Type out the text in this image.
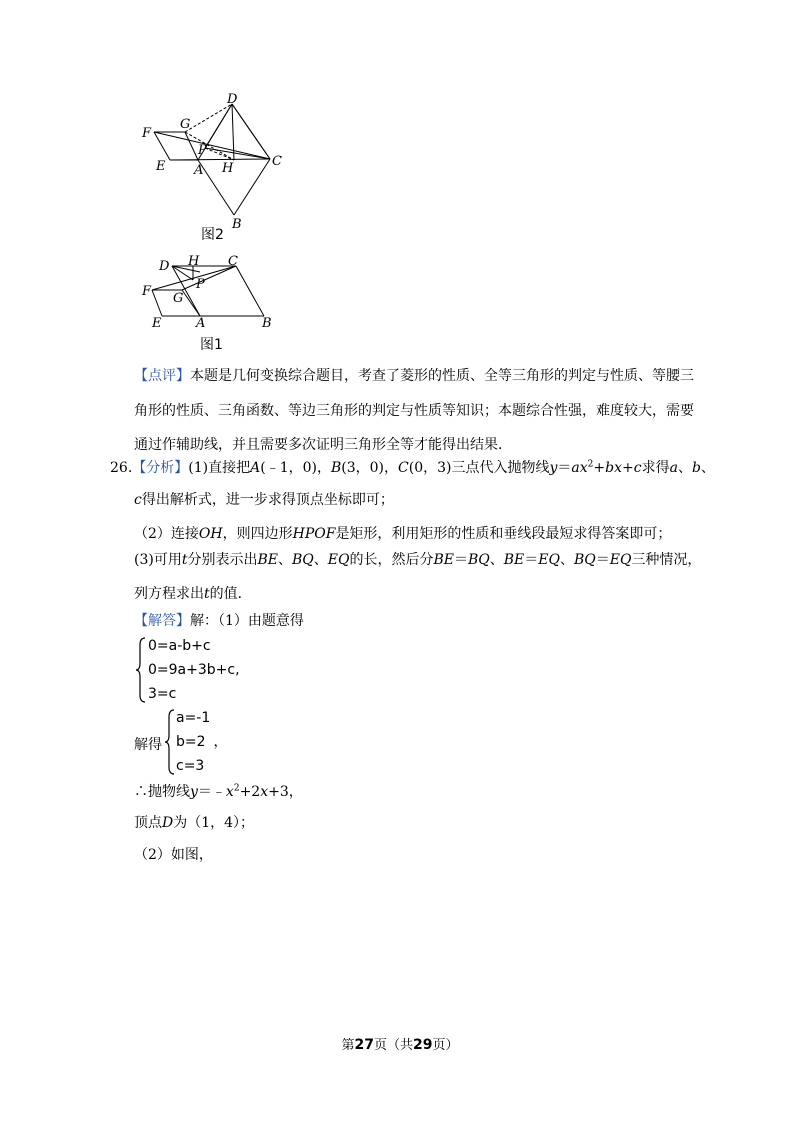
D
G
F
P
E A H	C
B
图2
D H C
F	P
G
E	A	B
图1
【点评】本题是几何变换综合题目，考查了菱形的性质、全等三角形的判定与性质、等腰三
角形的性质、三角函数、等边三角形的判定与性质等知识；本题综合性强，难度较大，需要
通过作辅助线，并且需要多次证明三角形全等才能得出结果．
26.【分析】(1)直接把A(﹣1，0)，B(3，0)，C(0，3)三点代入抛物线$y=ax^2+bx+c$求得a、b、
c得出解析式，进一步求得顶点坐标即可；
（2）连接OH，则四边形HPOF是矩形，利用矩形的性质和垂线段最短求得答案即可；
(3)可用t分别表示出BE、BQ、EQ的长，然后分BE＝BQ、BE＝EQ、BQ＝EQ三种情况，
列方程求出t的值．
【解答】解：（1）由题意得
0=a-b+c
0=9a+3b+c,
3=c
解得
a=-1
b=2 ，
c=3
∴抛物线$y=﹣x^2+2x+3$，
顶点D为（1，4）；
（2）如图，
第27页（共29页）
